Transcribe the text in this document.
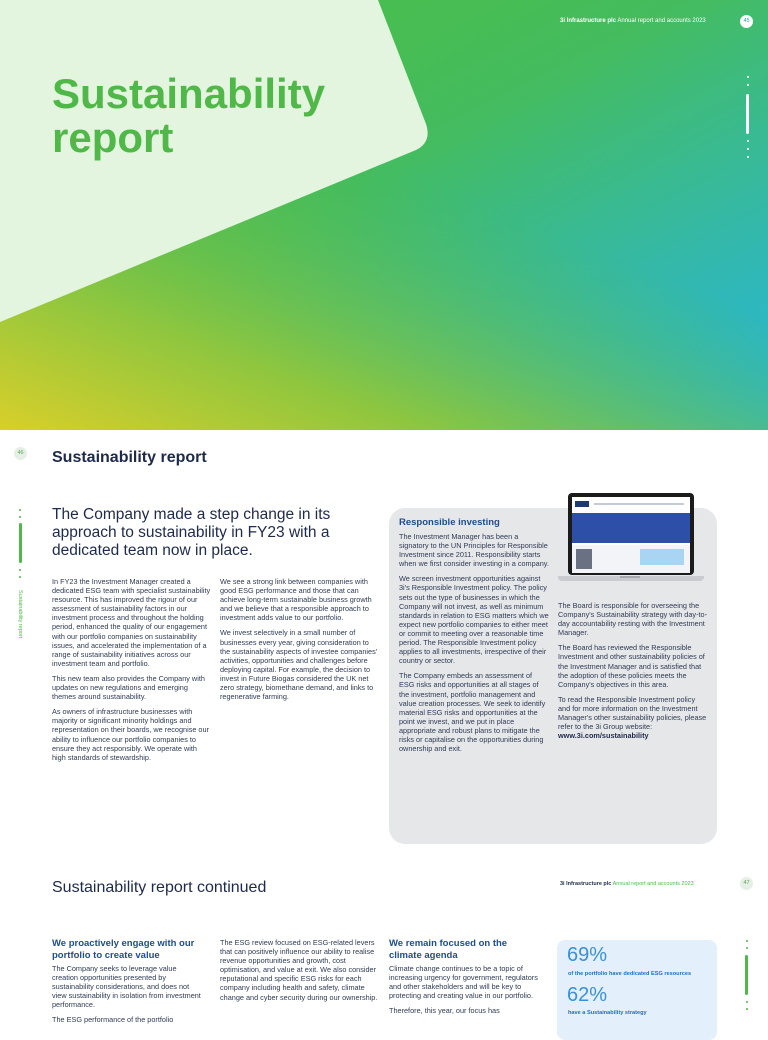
3i Infrastructure plc Annual report and accounts 2023	45
Sustainability
report
46 Sustainability report
Sustainability report
The Company made a step change in its approach to sustainability in FY23 with a dedicated team now in place.

In FY23 the Investment Manager created a dedicated ESG team with specialist sustainability resource. This has improved the rigour of our assessment of sustainability factors in our investment process and throughout the holding period, enhanced the quality of our engagement with our portfolio companies on sustainability issues, and accelerated the implementation of a range of sustainability initiatives across our investment team and portfolio.

This new team also provides the Company with updates on new regulations and emerging themes around sustainability.

As owners of infrastructure businesses with majority or significant minority holdings and representation on their boards, we recognise our ability to influence our portfolio companies to ensure they act responsibly. We operate with high standards of stewardship.

We see a strong link between companies with good ESG performance and those that can achieve long-term sustainable business growth and we believe that a responsible approach to investment adds value to our portfolio.

We invest selectively in a small number of businesses every year, giving consideration to the sustainability aspects of investee companies' activities, opportunities and challenges before deploying capital. For example, the decision to invest in Future Biogas considered the UK net zero strategy, biomethane demand, and links to regenerative farming.

Responsible investing

The Investment Manager has been a signatory to the UN Principles for Responsible Investment since 2011. Responsibility starts when we first consider investing in a company.

We screen investment opportunities against 3i's Responsible Investment policy. The policy sets out the type of businesses in which the Company will not invest, as well as minimum standards in relation to ESG matters which we expect new portfolio companies to either meet or commit to meeting over a reasonable time period. The Responsible Investment policy applies to all investments, irrespective of their country or sector.

The Company embeds an assessment of ESG risks and opportunities at all stages of the investment, portfolio management and value creation processes. We seek to identify material ESG risks and opportunities at the point we invest, and we put in place appropriate and robust plans to mitigate the risks or capitalise on the opportunities during ownership and exit.

The Board is responsible for overseeing the Company's Sustainability strategy with day-to-day accountability resting with the Investment Manager.

The Board has reviewed the Responsible Investment and other sustainability policies of the Investment Manager and is satisfied that the adoption of these policies meets the Company's objectives in this area.

To read the Responsible Investment policy and for more information on the Investment Manager's other sustainability policies, please refer to the 3i Group website:

www.3i.com/sustainability
Sustainability report continued	3i Infrastructure plc Annual report and accounts 2023	47
We proactively engage with our portfolio to create value

The Company seeks to leverage value creation opportunities presented by sustainability considerations, and does not view sustainability in isolation from investment performance.

The ESG performance of the portfolio

The ESG review focused on ESG-related levers that can positively influence our ability to realise revenue opportunities and growth, cost optimisation, and value at exit. We also consider reputational and specific ESG risks for each company including health and safety, climate change and cyber security during our ownership.

We remain focused on the climate agenda

Climate change continues to be a topic of increasing urgency for government, regulators and other stakeholders and will be key to protecting and creating value in our portfolio.

Therefore, this year, our focus has

69%
of the portfolio have dedicated ESG resources
62%
have a Sustainability strategy
